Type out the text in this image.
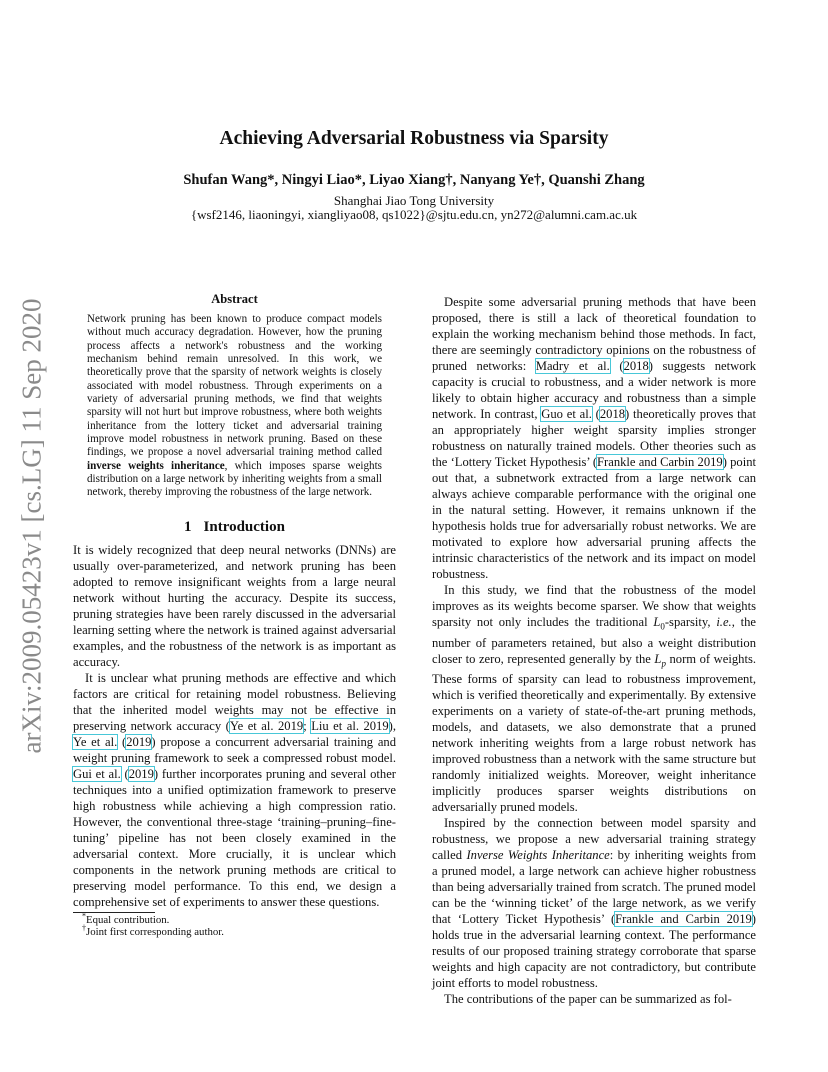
Achieving Adversarial Robustness via Sparsity
Shufan Wang*, Ningyi Liao*, Liyao Xiang†, Nanyang Ye†, Quanshi Zhang
Shanghai Jiao Tong University
{wsf2146, liaoningyi, xiangliyao08, qs1022}@sjtu.edu.cn, yn272@alumni.cam.ac.uk
arXiv:2009.05423v1 [cs.LG] 11 Sep 2020	Abstract

Network pruning has been known to produce compact models without much accuracy degradation. However, how the pruning process affects a network's robustness and the working mechanism behind remain unresolved. In this work, we theoretically prove that the sparsity of network weights is closely associated with model robustness. Through experiments on a variety of adversarial pruning methods, we find that weights sparsity will not hurt but improve robustness, where both weights inheritance from the lottery ticket and adversarial training improve model robustness in network pruning. Based on these findings, we propose a novel adversarial training method called inverse weights inheritance, which imposes sparse weights distribution on a large network by inheriting weights from a small network, thereby improving the robustness of the large network.

1 Introduction

It is widely recognized that deep neural networks (DNNs) are usually over-parameterized, and network pruning has been adopted to remove insignificant weights from a large neural network without hurting the accuracy. Despite its success, pruning strategies have been rarely discussed in the adversarial learning setting where the network is trained against adversarial examples, and the robustness of the network is as important as accuracy.

It is unclear what pruning methods are effective and which factors are critical for retaining model robustness. Believing that the inherited model weights may not be effective in preserving network accuracy (Ye et al. 2019; Liu et al. 2019), Ye et al. (2019) propose a concurrent adversarial training and weight pruning framework to seek a compressed robust model. Gui et al. (2019) further incorporates pruning and several other techniques into a unified optimization framework to preserve high robustness while achieving a high compression ratio. However, the conventional three-stage ‘training–pruning–fine-tuning’ pipeline has not been closely examined in the adversarial context. More crucially, it is unclear which components in the network pruning methods are critical to preserving model performance. To this end, we design a comprehensive set of experiments to answer these questions.

*Equal contribution.
†Joint first corresponding author.

Despite some adversarial pruning methods that have been proposed, there is still a lack of theoretical foundation to explain the working mechanism behind those methods. In fact, there are seemingly contradictory opinions on the robustness of pruned networks: Madry et al. (2018) suggests network capacity is crucial to robustness, and a wider network is more likely to obtain higher accuracy and robustness than a simple network. In contrast, Guo et al. (2018) theoretically proves that an appropriately higher weight sparsity implies stronger robustness on naturally trained models. Other theories such as the ‘Lottery Ticket Hypothesis’ (Frankle and Carbin 2019) point out that, a subnetwork extracted from a large network can always achieve comparable performance with the original one in the natural setting. However, it remains unknown if the hypothesis holds true for adversarially robust networks. We are motivated to explore how adversarial pruning affects the intrinsic characteristics of the network and its impact on model robustness.

In this study, we find that the robustness of the model improves as its weights become sparser. We show that weights sparsity not only includes the traditional $L_0$-sparsity, i.e., the number of parameters retained, but also a weight distribution closer to zero, represented generally by the $L_p$ norm of weights. These forms of sparsity can lead to robustness improvement, which is verified theoretically and experimentally. By extensive experiments on a variety of state-of-the-art pruning methods, models, and datasets, we also demonstrate that a pruned network inheriting weights from a large robust network has improved robustness than a network with the same structure but randomly initialized weights. Moreover, weight inheritance implicitly produces sparser weights distributions on adversarially pruned models.

Inspired by the connection between model sparsity and robustness, we propose a new adversarial training strategy called Inverse Weights Inheritance: by inheriting weights from a pruned model, a large network can achieve higher robustness than being adversarially trained from scratch. The pruned model can be the ‘winning ticket’ of the large network, as we verify that ‘Lottery Ticket Hypothesis’ (Frankle and Carbin 2019) holds true in the adversarial learning context. The performance results of our proposed training strategy corroborate that sparse weights and high capacity are not contradictory, but contribute joint efforts to model robustness.

The contributions of the paper can be summarized as fol-
